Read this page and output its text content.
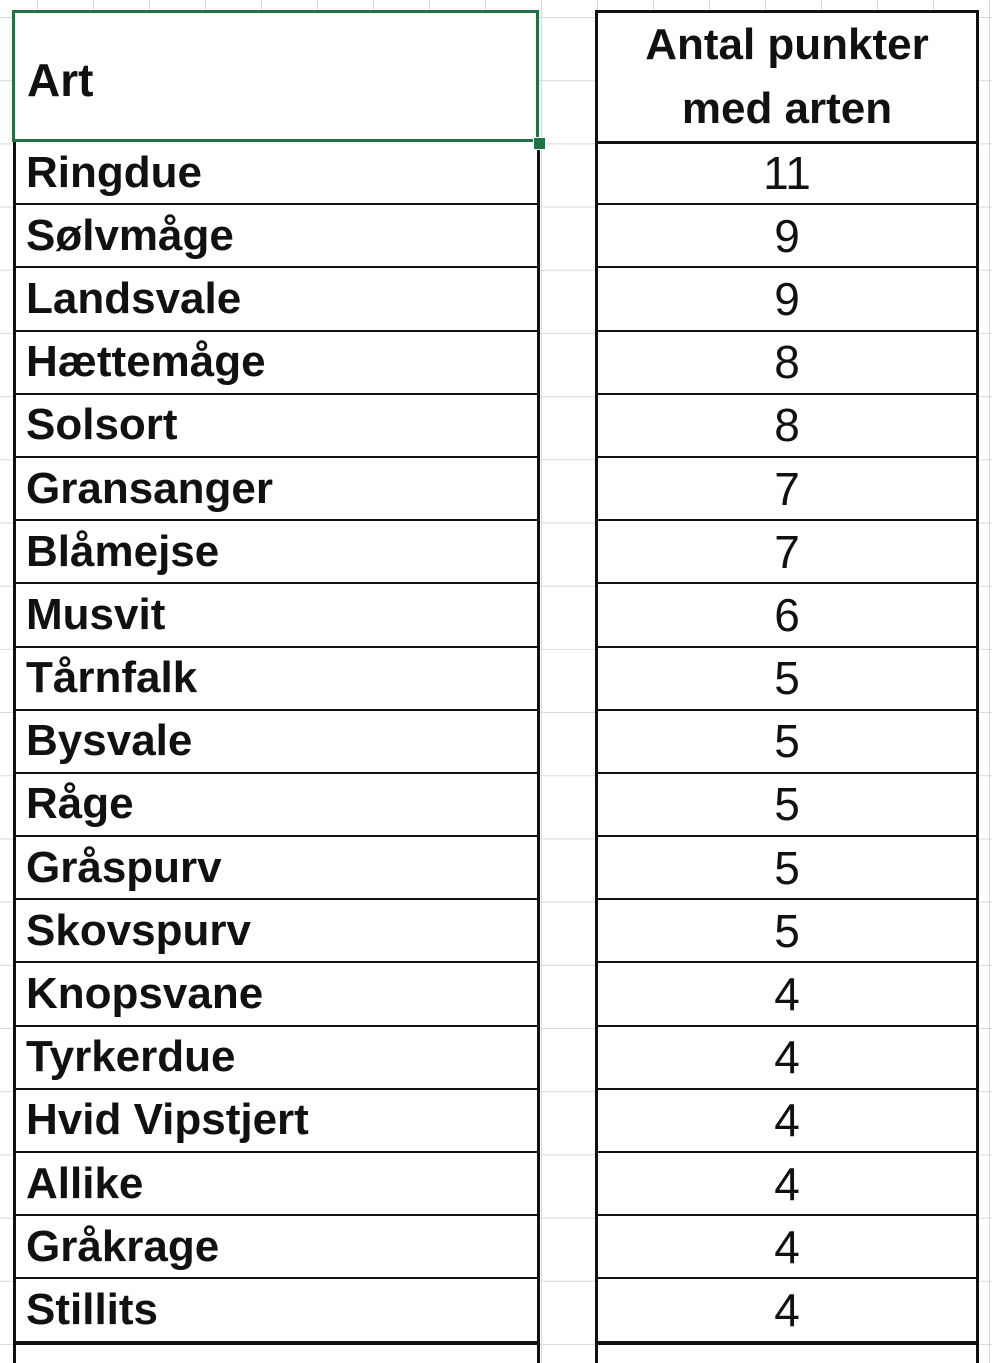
Art
Antal punkter
med arten
Ringdue
Sølvmåge
Landsvale
Hættemåge
Solsort
Gransanger
Blåmejse
Musvit
Tårnfalk
Bysvale
Råge
Gråspurv
Skovspurv
Knopsvane
Tyrkerdue
Hvid Vipstjert
Allike
Gråkrage
Stillits
11
9
9
8
8
7
7
6
5
5
5
5
5
4
4
4
4
4
4
